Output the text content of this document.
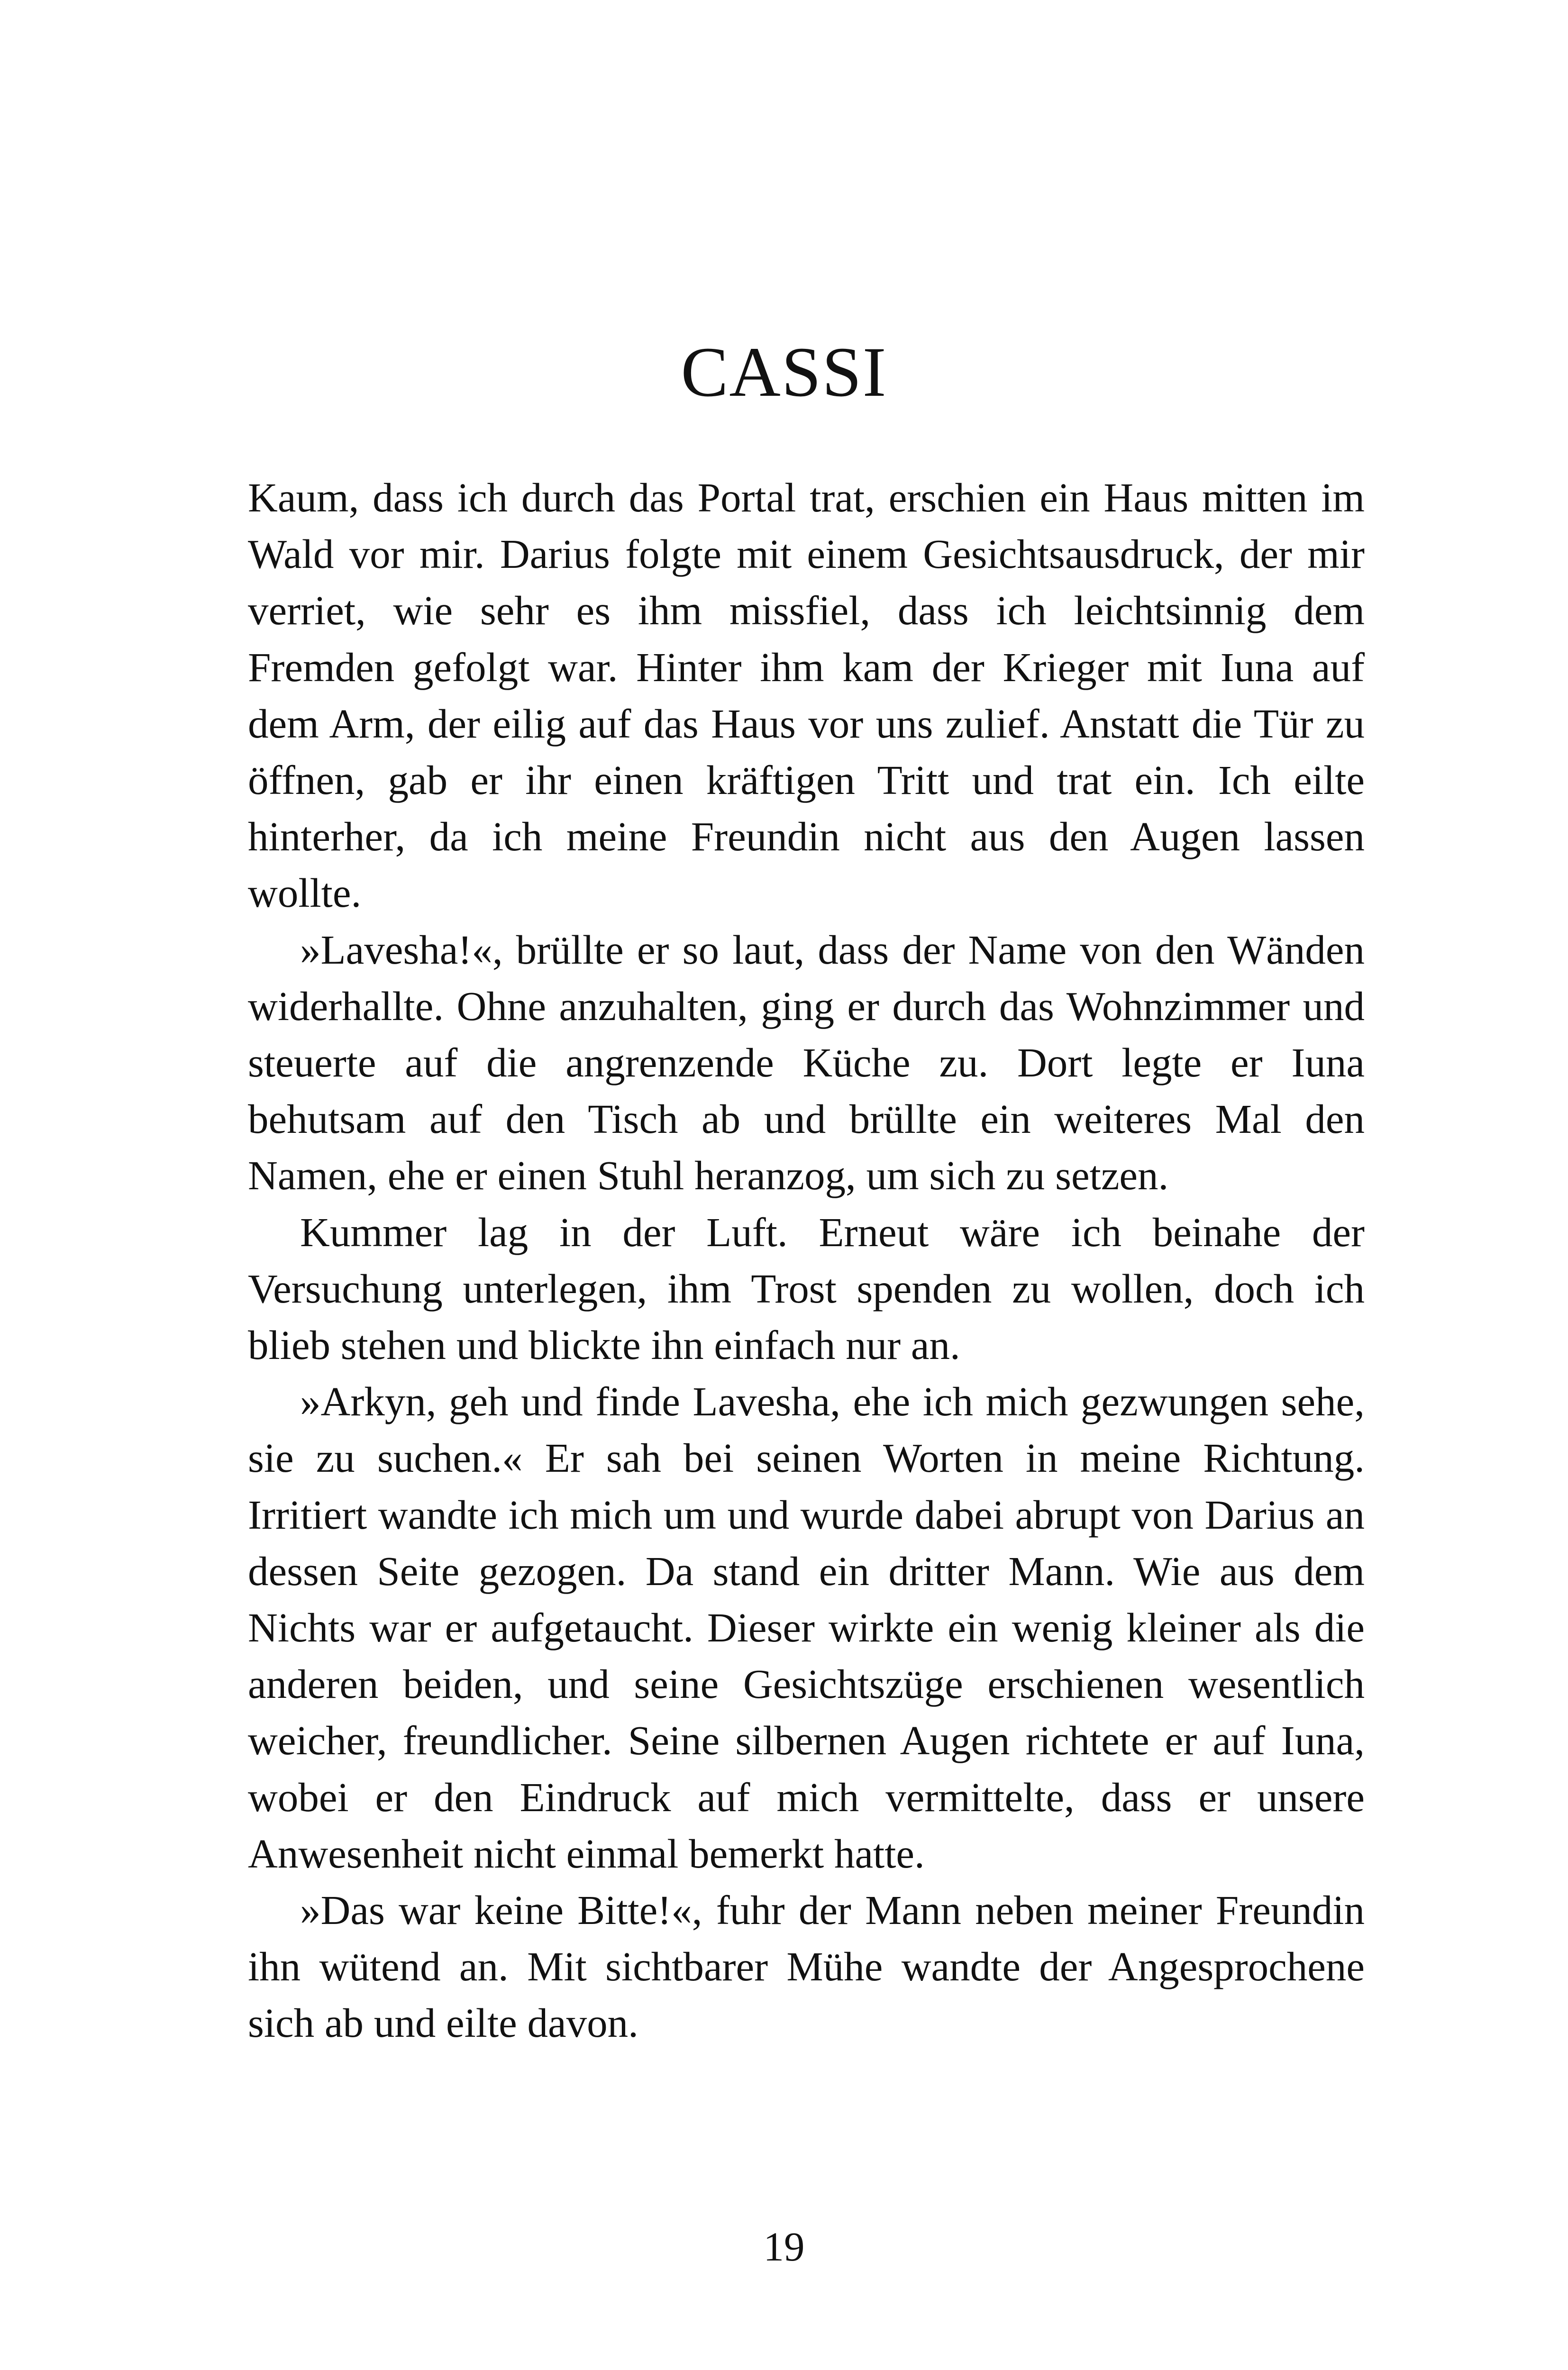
CASSI

Kaum, dass ich durch das Portal trat, erschien ein Haus mitten im Wald vor mir. Darius folgte mit einem Gesichtsausdruck, der mir verriet, wie sehr es ihm missfiel, dass ich leichtsinnig dem Fremden gefolgt war. Hinter ihm kam der Krieger mit Iuna auf dem Arm, der eilig auf das Haus vor uns zulief. Anstatt die Tür zu öffnen, gab er ihr einen kräftigen Tritt und trat ein. Ich eilte hinterher, da ich meine Freundin nicht aus den Augen lassen wollte.

»Lavesha!«, brüllte er so laut, dass der Name von den Wänden widerhallte. Ohne anzuhalten, ging er durch das Wohnzimmer und steuerte auf die angrenzende Küche zu. Dort legte er Iuna behutsam auf den Tisch ab und brüllte ein weiteres Mal den Namen, ehe er einen Stuhl heranzog, um sich zu setzen.

Kummer lag in der Luft. Erneut wäre ich beinahe der Versuchung unterlegen, ihm Trost spenden zu wollen, doch ich blieb stehen und blickte ihn einfach nur an.

»Arkyn, geh und finde Lavesha, ehe ich mich gezwungen sehe, sie zu suchen.« Er sah bei seinen Worten in meine Richtung. Irritiert wandte ich mich um und wurde dabei abrupt von Darius an dessen Seite gezogen. Da stand ein dritter Mann. Wie aus dem Nichts war er aufgetaucht. Dieser wirkte ein wenig kleiner als die anderen beiden, und seine Gesichtszüge erschienen wesentlich weicher, freundlicher. Seine silbernen Augen richtete er auf Iuna, wobei er den Eindruck auf mich vermittelte, dass er unsere Anwesenheit nicht einmal bemerkt hatte.

»Das war keine Bitte!«, fuhr der Mann neben meiner Freundin ihn wütend an. Mit sichtbarer Mühe wandte der Angesprochene sich ab und eilte davon.

19
